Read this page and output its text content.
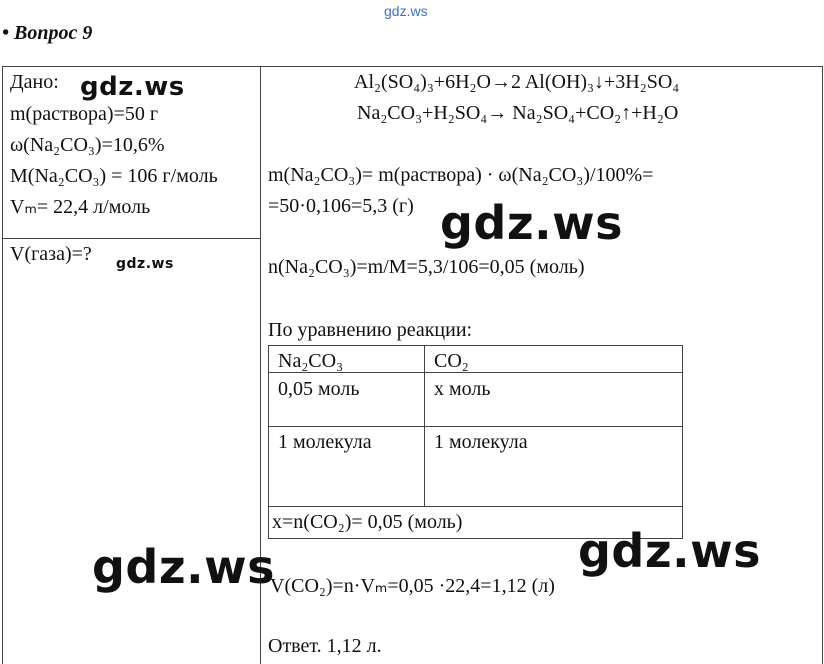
gdz.ws
• Вопрос 9
Дано: gdz.ws
m(раствора)=50 г
ω(Na₂CO₃)=10,6%
M(Na₂CO₃) = 106 г/моль
Vₘ= 22,4 л/моль
V(газа)=? gdz.ws
Al₂(SO₄)₃+6H₂O→2 Al(OH)₃↓+3H₂SO₄
Na₂CO₃+H₂SO₄→ Na₂SO₄+CO₂↑+H₂O
m(Na₂CO₃)= m(раствора) · ω(Na₂CO₃)/100%=
=50·0,106=5,3 (г) gdz.ws
n(Na₂CO₃)=m/M=5,3/106=0,05 (моль)
По уравнению реакции:
Na₂CO₃	CO₂
0,05 моль	х моль
1 молекула	1 молекула
х=n(CO₂)= 0,05 (моль)
V(CO₂)=n·Vₘ=0,05 ·22,4=1,12 (л)
Ответ. 1,12 л.
gdz.ws	gdz.ws
